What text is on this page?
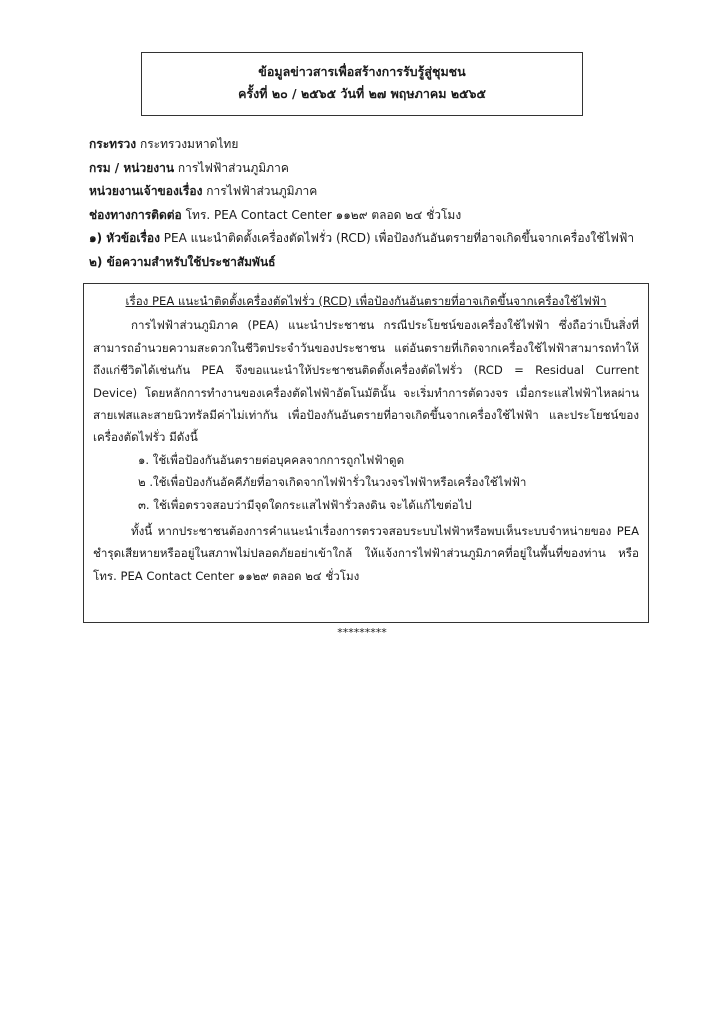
ข้อมูลข่าวสารเพื่อสร้างการรับรู้สู่ชุมชน
ครั้งที่ ๒๐ / ๒๕๖๕ วันที่ ๒๗ พฤษภาคม ๒๕๖๕
กระทรวง กระทรวงมหาดไทย
กรม / หน่วยงาน การไฟฟ้าส่วนภูมิภาค
หน่วยงานเจ้าของเรื่อง การไฟฟ้าส่วนภูมิภาค
ช่องทางการติดต่อ โทร. PEA Contact Center ๑๑๒๙ ตลอด ๒๔ ชั่วโมง
๑) หัวข้อเรื่อง PEA แนะนำติดตั้งเครื่องตัดไฟรั่ว (RCD) เพื่อป้องกันอันตรายที่อาจเกิดขึ้นจากเครื่องใช้ไฟฟ้า
๒) ข้อความสำหรับใช้ประชาสัมพันธ์
เรื่อง PEA แนะนำติดตั้งเครื่องตัดไฟรั่ว (RCD) เพื่อป้องกันอันตรายที่อาจเกิดขึ้นจากเครื่องใช้ไฟฟ้า

การไฟฟ้าส่วนภูมิภาค (PEA) แนะนำประชาชน กรณีประโยชน์ของเครื่องใช้ไฟฟ้า ซึ่งถือว่าเป็นสิ่งที่สามารถอำนวยความสะดวกในชีวิตประจำวันของประชาชน แต่อันตรายที่เกิดจากเครื่องใช้ไฟฟ้าสามารถทำให้ถึงแก่ชีวิตได้เช่นกัน PEA จึงขอแนะนำให้ประชาชนติดตั้งเครื่องตัดไฟรั่ว (RCD = Residual Current Device) โดยหลักการทำงานของเครื่องตัดไฟฟ้าอัตโนมัตินั้น จะเริ่มทำการตัดวงจร เมื่อกระแสไฟฟ้าไหลผ่านสายเฟสและสายนิวทรัลมีค่าไม่เท่ากัน เพื่อป้องกันอันตรายที่อาจเกิดขึ้นจากเครื่องใช้ไฟฟ้า และประโยชน์ของเครื่องตัดไฟรั่ว มีดังนี้

๑. ใช้เพื่อป้องกันอันตรายต่อบุคคลจากการถูกไฟฟ้าดูด
๒ .ใช้เพื่อป้องกันอัคคีภัยที่อาจเกิดจากไฟฟ้ารั่วในวงจรไฟฟ้าหรือเครื่องใช้ไฟฟ้า
๓. ใช้เพื่อตรวจสอบว่ามีจุดใดกระแสไฟฟ้ารั่วลงดิน จะได้แก้ไขต่อไป

ทั้งนี้ หากประชาชนต้องการคำแนะนำเรื่องการตรวจสอบระบบไฟฟ้าหรือพบเห็นระบบจำหน่ายของ PEA ชำรุดเสียหายหรืออยู่ในสภาพไม่ปลอดภัยอย่าเข้าใกล้ ให้แจ้งการไฟฟ้าส่วนภูมิภาคที่อยู่ในพื้นที่ของท่าน หรือโทร. PEA Contact Center ๑๑๒๙ ตลอด ๒๔ ชั่วโมง

*********
